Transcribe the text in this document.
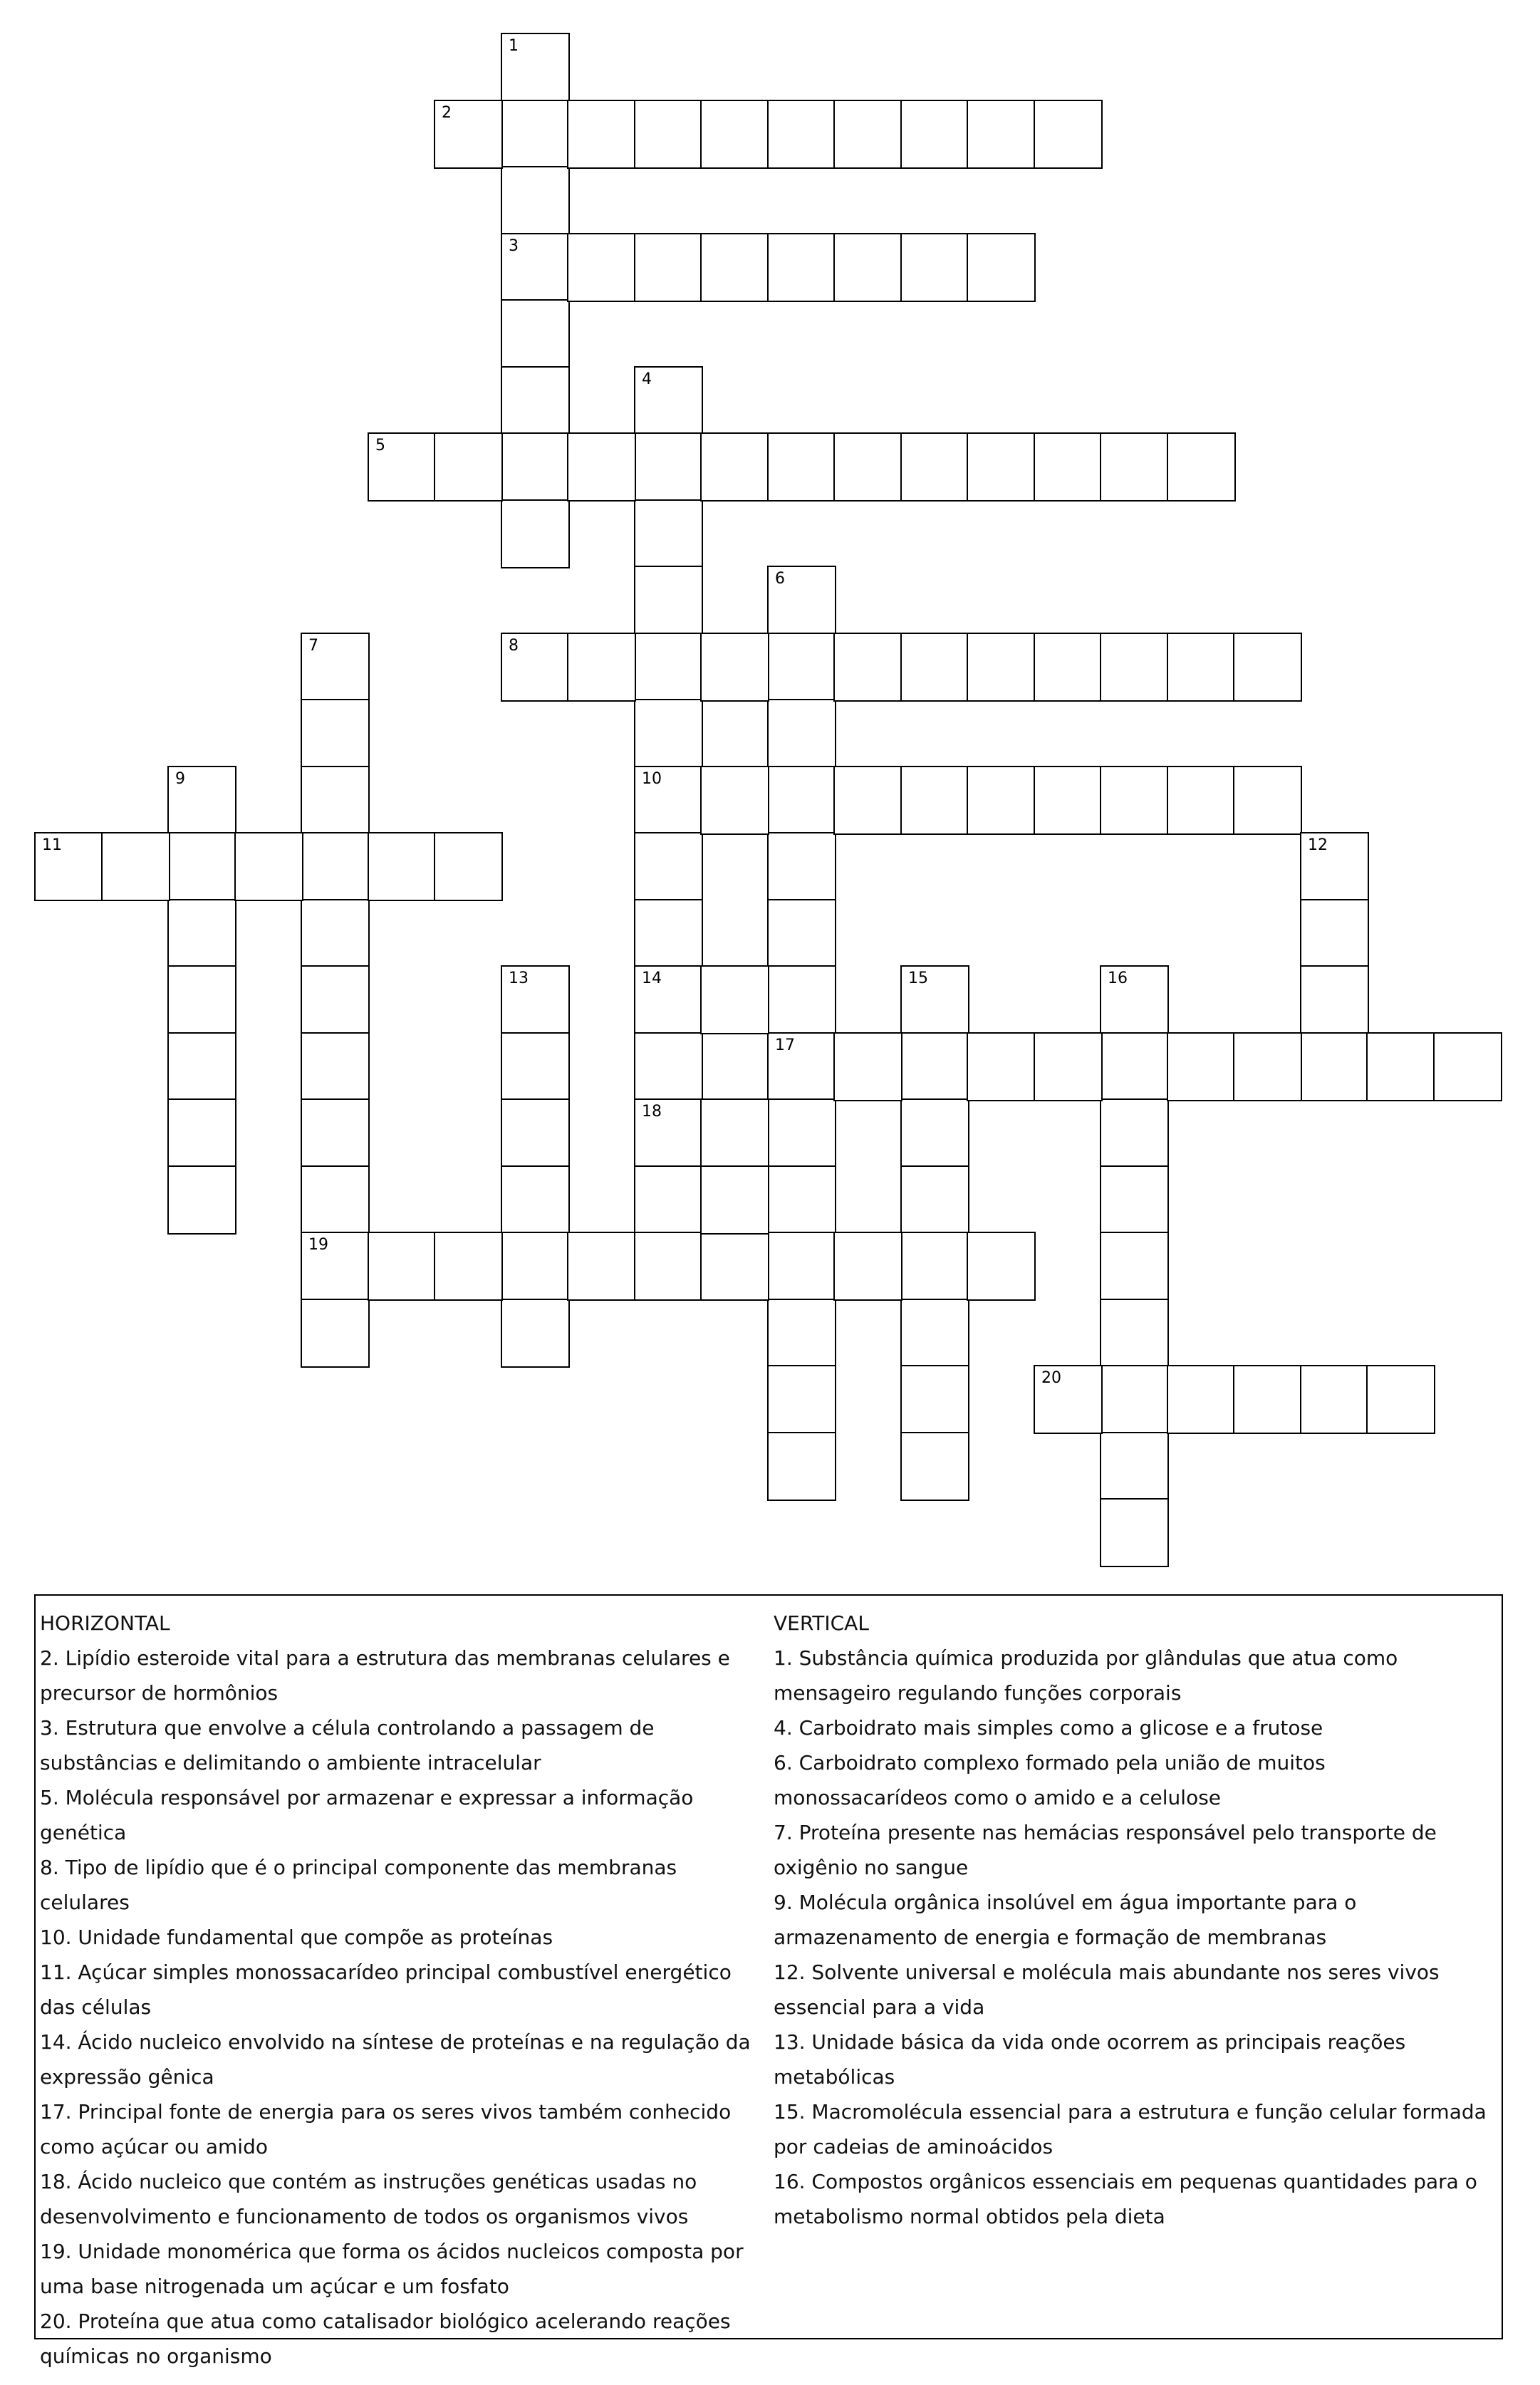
1
3
2
4
10
14
18
5
6
17
7
19
8
9
11	12
13	15	16
20
HORIZONTAL
2. Lipídio esteroide vital para a estrutura das membranas celulares e precursor de hormônios
3. Estrutura que envolve a célula controlando a passagem de substâncias e delimitando o ambiente intracelular
5. Molécula responsável por armazenar e expressar a informação genética
8. Tipo de lipídio que é o principal componente das membranas celulares
10. Unidade fundamental que compõe as proteínas
11. Açúcar simples monossacarídeo principal combustível energético das células
14. Ácido nucleico envolvido na síntese de proteínas e na regulação da expressão gênica
17. Principal fonte de energia para os seres vivos também conhecido como açúcar ou amido
18. Ácido nucleico que contém as instruções genéticas usadas no desenvolvimento e funcionamento de todos os organismos vivos
19. Unidade monomérica que forma os ácidos nucleicos composta por uma base nitrogenada um açúcar e um fosfato
20. Proteína que atua como catalisador biológico acelerando reações químicas no organismo
VERTICAL
1. Substância química produzida por glândulas que atua como mensageiro regulando funções corporais
4. Carboidrato mais simples como a glicose e a frutose
6. Carboidrato complexo formado pela união de muitos monossacarídeos como o amido e a celulose
7. Proteína presente nas hemácias responsável pelo transporte de oxigênio no sangue
9. Molécula orgânica insolúvel em água importante para o armazenamento de energia e formação de membranas
12. Solvente universal e molécula mais abundante nos seres vivos essencial para a vida
13. Unidade básica da vida onde ocorrem as principais reações metabólicas
15. Macromolécula essencial para a estrutura e função celular formada por cadeias de aminoácidos
16. Compostos orgânicos essenciais em pequenas quantidades para o metabolismo normal obtidos pela dieta
